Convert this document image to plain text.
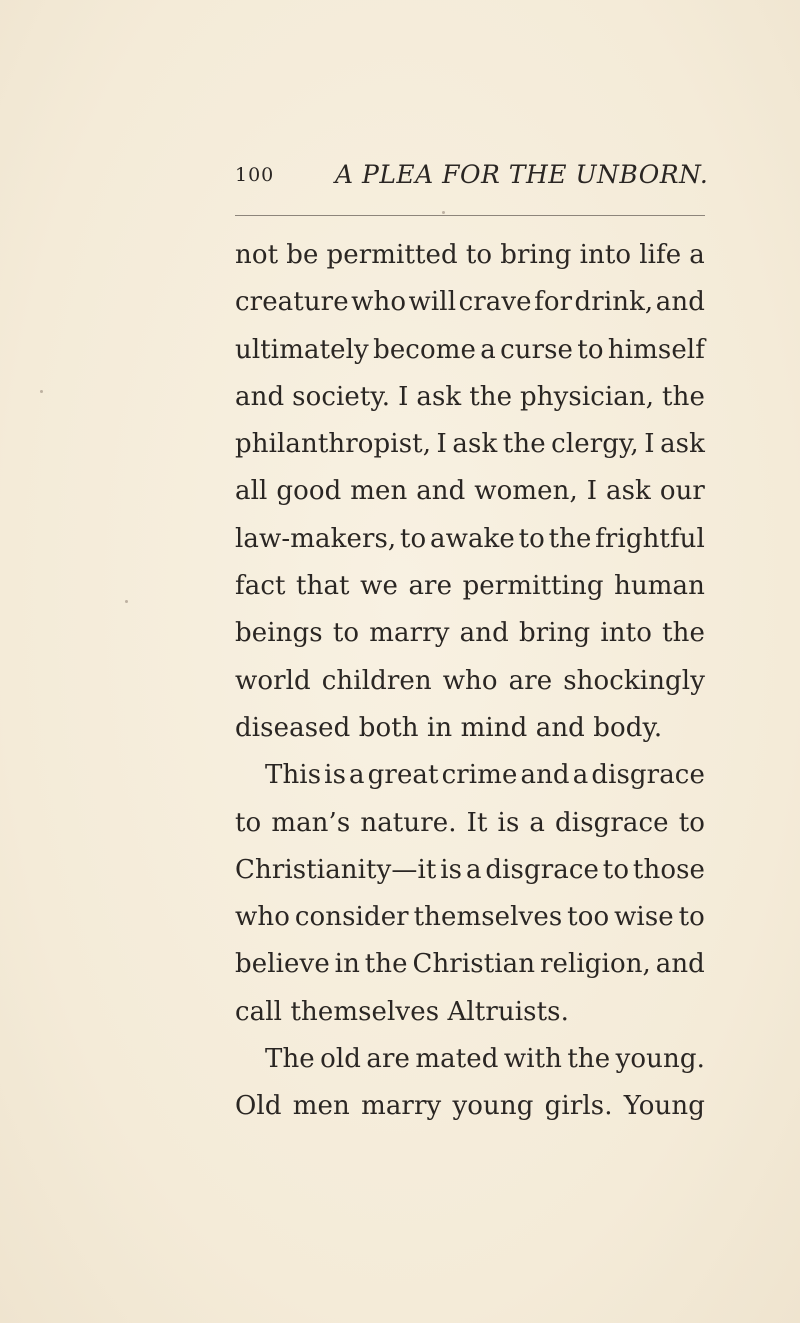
100 A PLEA FOR THE UNBORN.
not be permitted to bring into life a
creature who will crave for drink, and
ultimately become a curse to himself
and society. I ask the physician, the
philanthropist, I ask the clergy, I ask
all good men and women, I ask our
law-makers, to awake to the frightful
fact that we are permitting human
beings to marry and bring into the
world children who are shockingly
diseased both in mind and body.
This is a great crime and a disgrace
to man’s nature. It is a disgrace to
Christianity—it is a disgrace to those
who consider themselves too wise to
believe in the Christian religion, and
call themselves Altruists.
The old are mated with the young.
Old men marry young girls. Young
